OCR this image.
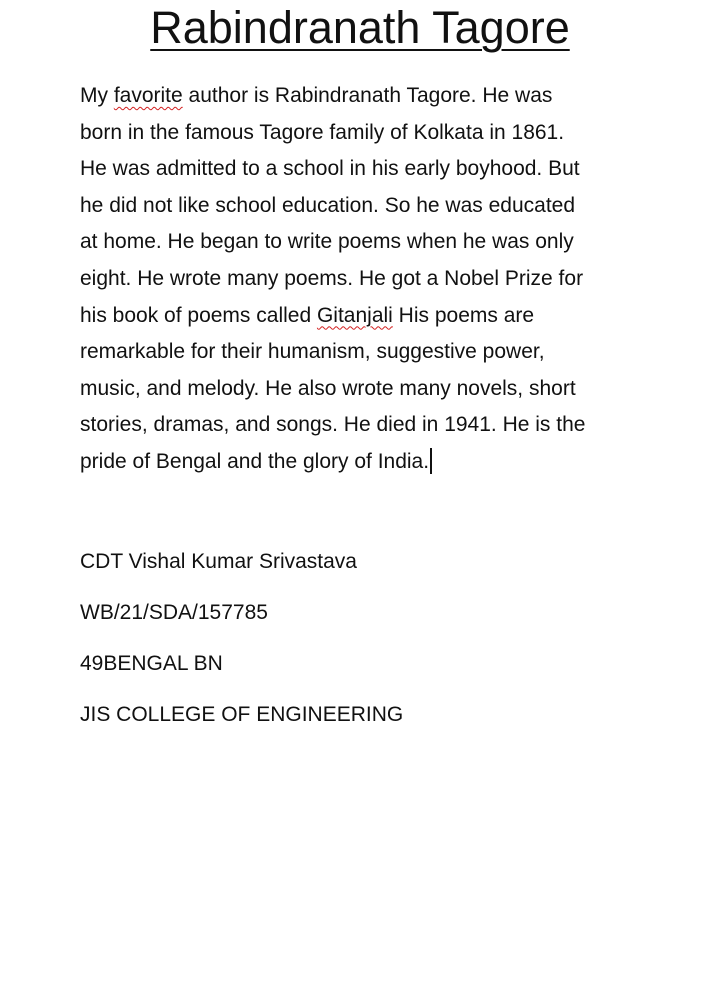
Rabindranath Tagore
My favorite author is Rabindranath Tagore. He was
born in the famous Tagore family of Kolkata in 1861.
He was admitted to a school in his early boyhood. But
he did not like school education. So he was educated
at home. He began to write poems when he was only
eight. He wrote many poems. He got a Nobel Prize for
his book of poems called Gitanjali His poems are
remarkable for their humanism, suggestive power,
music, and melody. He also wrote many novels, short
stories, dramas, and songs. He died in 1941. He is the
pride of Bengal and the glory of India.
CDT Vishal Kumar Srivastava
WB/21/SDA/157785
49BENGAL BN
JIS COLLEGE OF ENGINEERING
